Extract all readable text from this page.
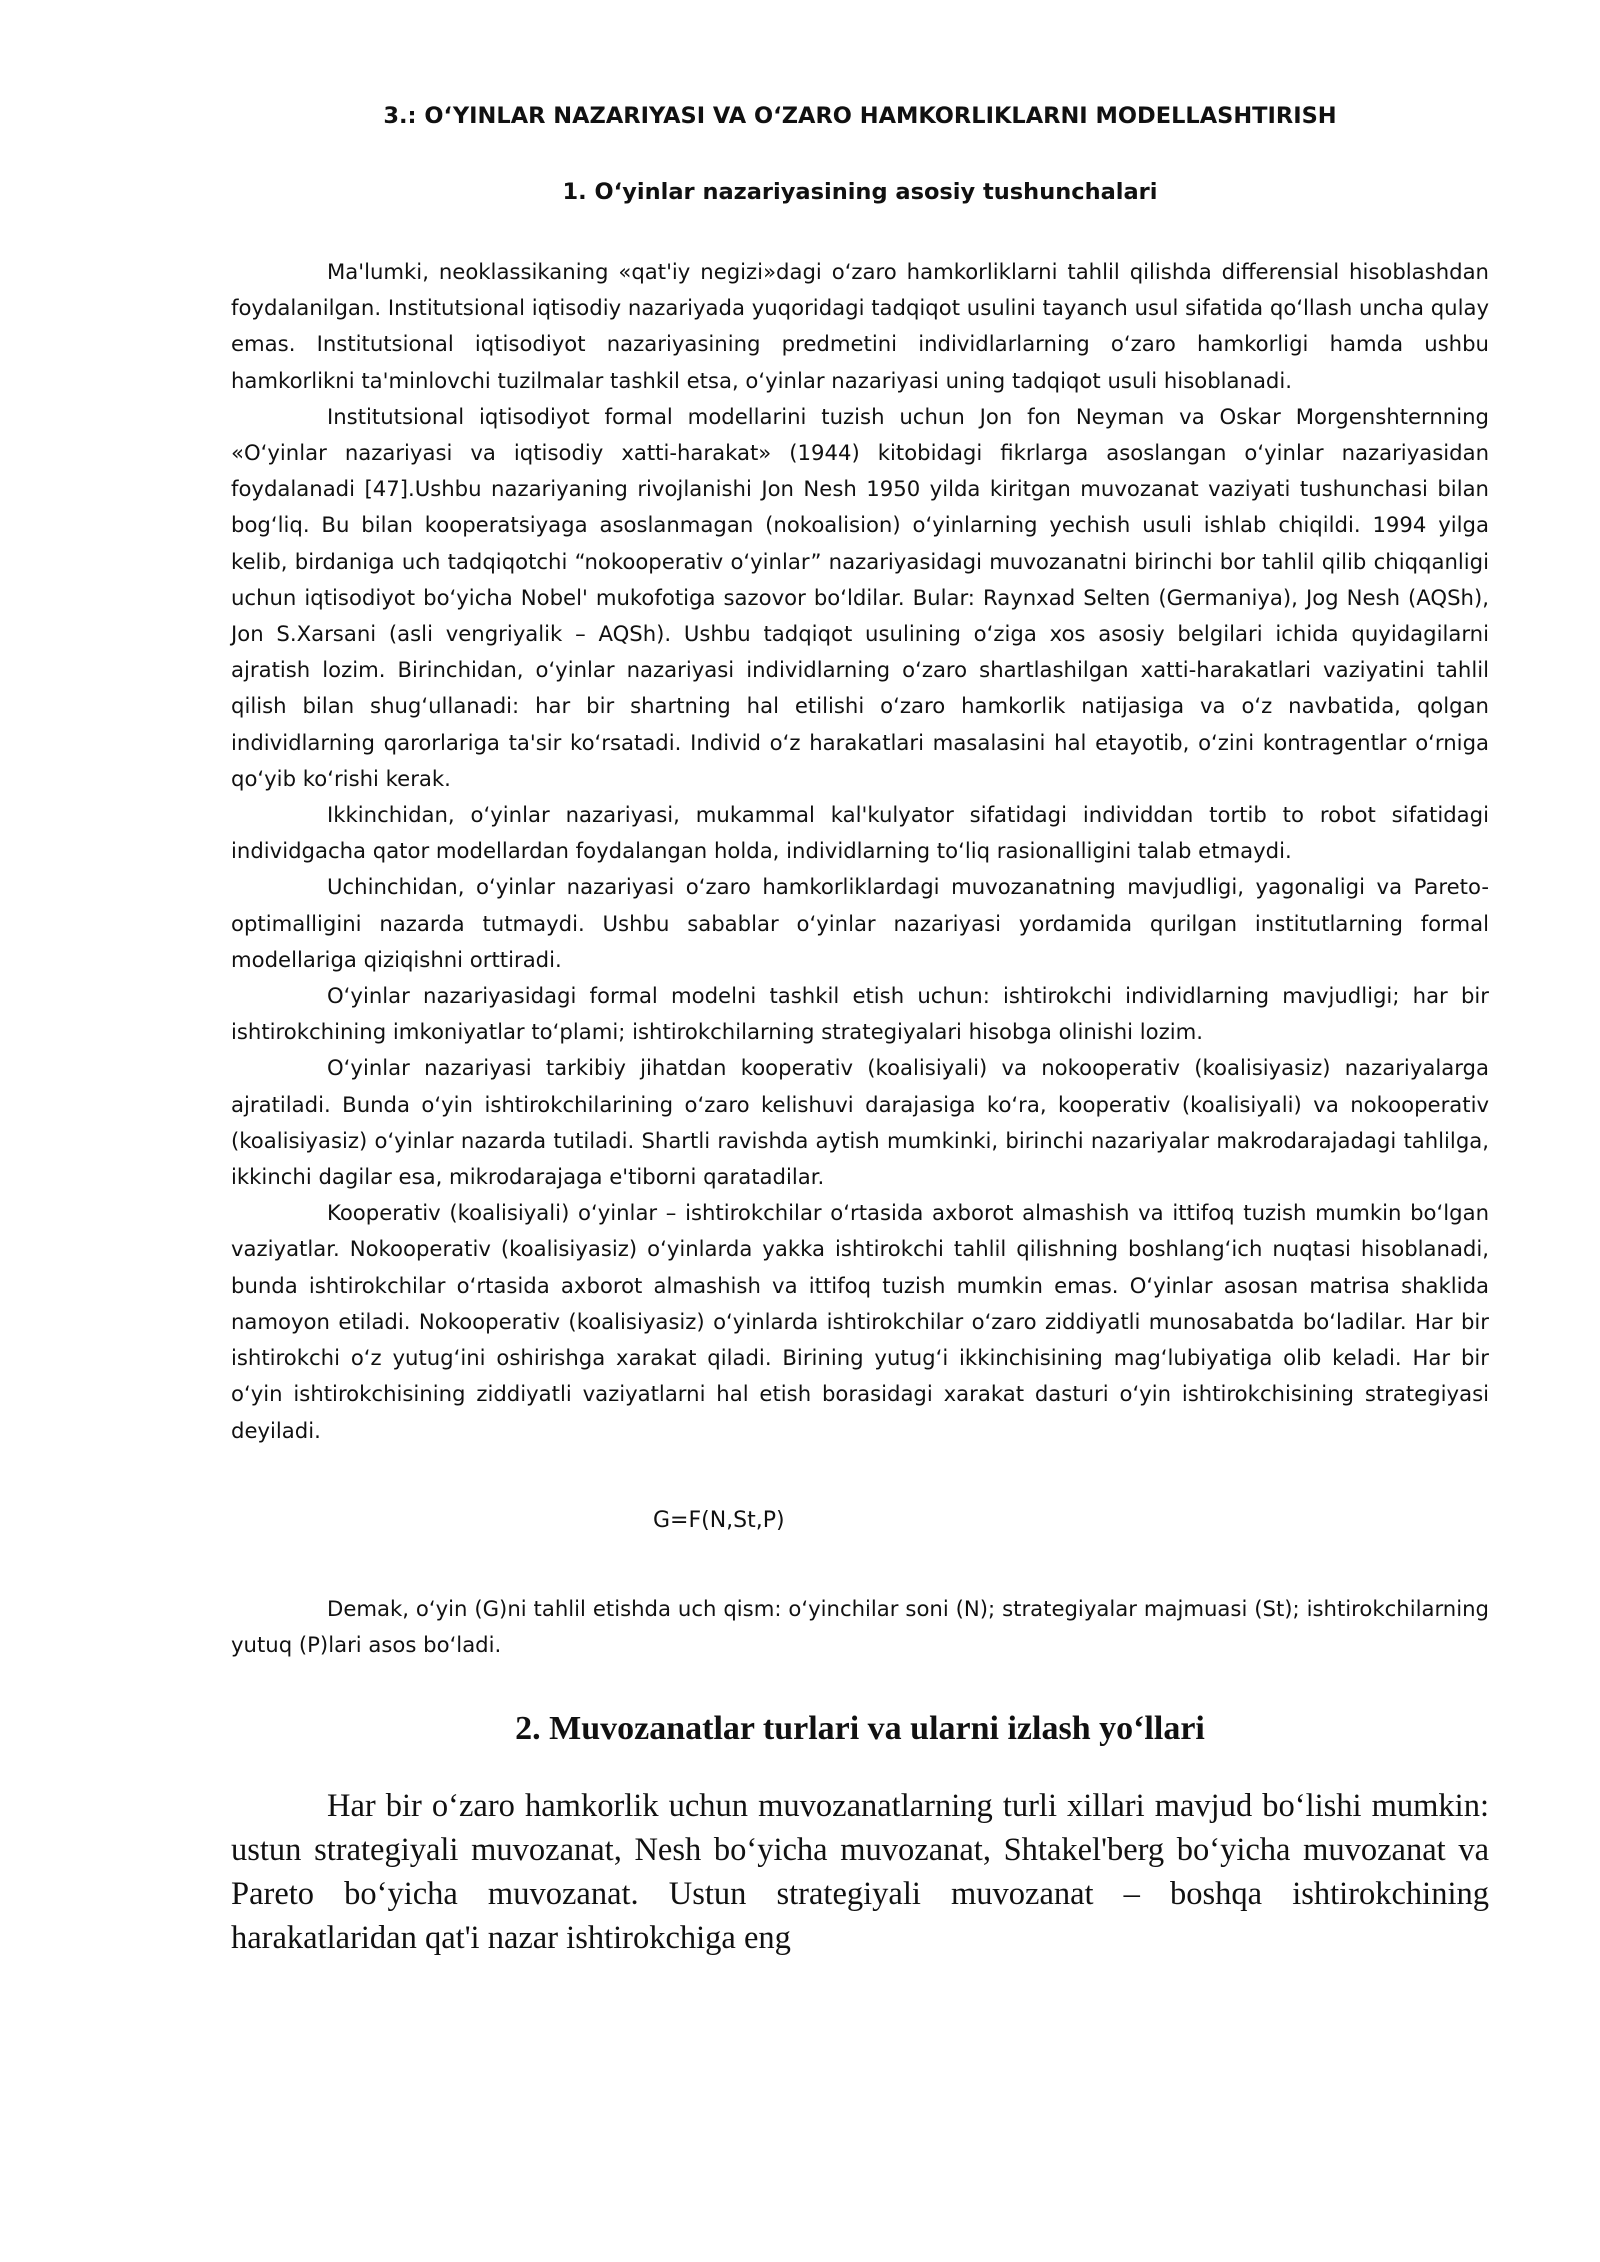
3.: O‘YINLAR NAZARIYASI VA O‘ZARO HAMKORLIKLARNI MODELLASHTIRISH
1. O‘yinlar nazariyasining asosiy tushunchalari

Ma'lumki, neoklassikaning «qat'iy negizi»dagi o‘zaro hamkorliklarni tahlil qilishda differensial hisoblashdan foydalanilgan. Institutsional iqtisodiy nazariyada yuqoridagi tadqiqot usulini tayanch usul sifatida qo‘llash uncha qulay emas. Institutsional iqtisodiyot nazariyasining predmetini individlarlarning o‘zaro hamkorligi hamda ushbu hamkorlikni ta'minlovchi tuzilmalar tashkil etsa, o‘yinlar nazariyasi uning tadqiqot usuli hisoblanadi.

Institutsional iqtisodiyot formal modellarini tuzish uchun Jon fon Neyman va Oskar Morgenshternning «O‘yinlar nazariyasi va iqtisodiy xatti-harakat» (1944) kitobidagi fikrlarga asoslangan o‘yinlar nazariyasidan foydalanadi [47].Ushbu nazariyaning rivojlanishi Jon Nesh 1950 yilda kiritgan muvozanat vaziyati tushunchasi bilan bog‘liq. Bu bilan kooperatsiyaga asoslanmagan (nokoalision) o‘yinlarning yechish usuli ishlab chiqildi. 1994 yilga kelib, birdaniga uch tadqiqotchi “nokooperativ o‘yinlar” nazariyasidagi muvozanatni birinchi bor tahlil qilib chiqqanligi uchun iqtisodiyot bo‘yicha Nobel' mukofotiga sazovor bo‘ldilar. Bular: Raynxad Selten (Germaniya), Jog Nesh (AQSh), Jon S.Xarsani (asli vengriyalik – AQSh). Ushbu tadqiqot usulining o‘ziga xos asosiy belgilari ichida quyidagilarni ajratish lozim. Birinchidan, o‘yinlar nazariyasi individlarning o‘zaro shartlashilgan xatti-harakatlari vaziyatini tahlil qilish bilan shug‘ullanadi: har bir shartning hal etilishi o‘zaro hamkorlik natijasiga va o‘z navbatida, qolgan individlarning qarorlariga ta'sir ko‘rsatadi. Individ o‘z harakatlari masalasini hal etayotib, o‘zini kontragentlar o‘rniga qo‘yib ko‘rishi kerak.

Ikkinchidan, o‘yinlar nazariyasi, mukammal kal'kulyator sifatidagi individdan tortib to robot sifatidagi individgacha qator modellardan foydalangan holda, individlarning to‘liq rasionalligini talab etmaydi.

Uchinchidan, o‘yinlar nazariyasi o‘zaro hamkorliklardagi muvozanatning mavjudligi, yagonaligi va Pareto-optimalligini nazarda tutmaydi. Ushbu sabablar o‘yinlar nazariyasi yordamida qurilgan institutlarning formal modellariga qiziqishni orttiradi.

O‘yinlar nazariyasidagi formal modelni tashkil etish uchun: ishtirokchi individlarning mavjudligi; har bir ishtirokchining imkoniyatlar to‘plami; ishtirokchilarning strategiyalari hisobga olinishi lozim.

O‘yinlar nazariyasi tarkibiy jihatdan kooperativ (koalisiyali) va nokooperativ (koalisiyasiz) nazariyalarga ajratiladi. Bunda o‘yin ishtirokchilarining o‘zaro kelishuvi darajasiga ko‘ra, kooperativ (koalisiyali) va nokooperativ (koalisiyasiz) o‘yinlar nazarda tutiladi. Shartli ravishda aytish mumkinki, birinchi nazariyalar makrodarajadagi tahlilga, ikkinchi dagilar esa, mikrodarajaga e'tiborni qaratadilar.

Kooperativ (koalisiyali) o‘yinlar – ishtirokchilar o‘rtasida axborot almashish va ittifoq tuzish mumkin bo‘lgan vaziyatlar. Nokooperativ (koalisiyasiz) o‘yinlarda yakka ishtirokchi tahlil qilishning boshlang‘ich nuqtasi hisoblanadi, bunda ishtirokchilar o‘rtasida axborot almashish va ittifoq tuzish mumkin emas. O‘yinlar asosan matrisa shaklida namoyon etiladi. Nokooperativ (koalisiyasiz) o‘yinlarda ishtirokchilar o‘zaro ziddiyatli munosabatda bo‘ladilar. Har bir ishtirokchi o‘z yutug‘ini oshirishga xarakat qiladi. Birining yutug‘i ikkinchisining mag‘lubiyatiga olib keladi. Har bir o‘yin ishtirokchisining ziddiyatli vaziyatlarni hal etish borasidagi xarakat dasturi o‘yin ishtirokchisining strategiyasi deyiladi.

G=F(N,St,P)

Demak, o‘yin (G)ni tahlil etishda uch qism: o‘yinchilar soni (N); strategiyalar majmuasi (St); ishtirokchilarning yutuq (P)lari asos bo‘ladi.

2. Muvozanatlar turlari va ularni izlash yo‘llari

Har bir o‘zaro hamkorlik uchun muvozanatlarning turli xillari mavjud bo‘lishi mumkin: ustun strategiyali muvozanat, Nesh bo‘yicha muvozanat, Shtakel'berg bo‘yicha muvozanat va Pareto bo‘yicha muvozanat. Ustun strategiyali muvozanat – boshqa ishtirokchining harakatlaridan qat'i nazar ishtirokchiga eng
